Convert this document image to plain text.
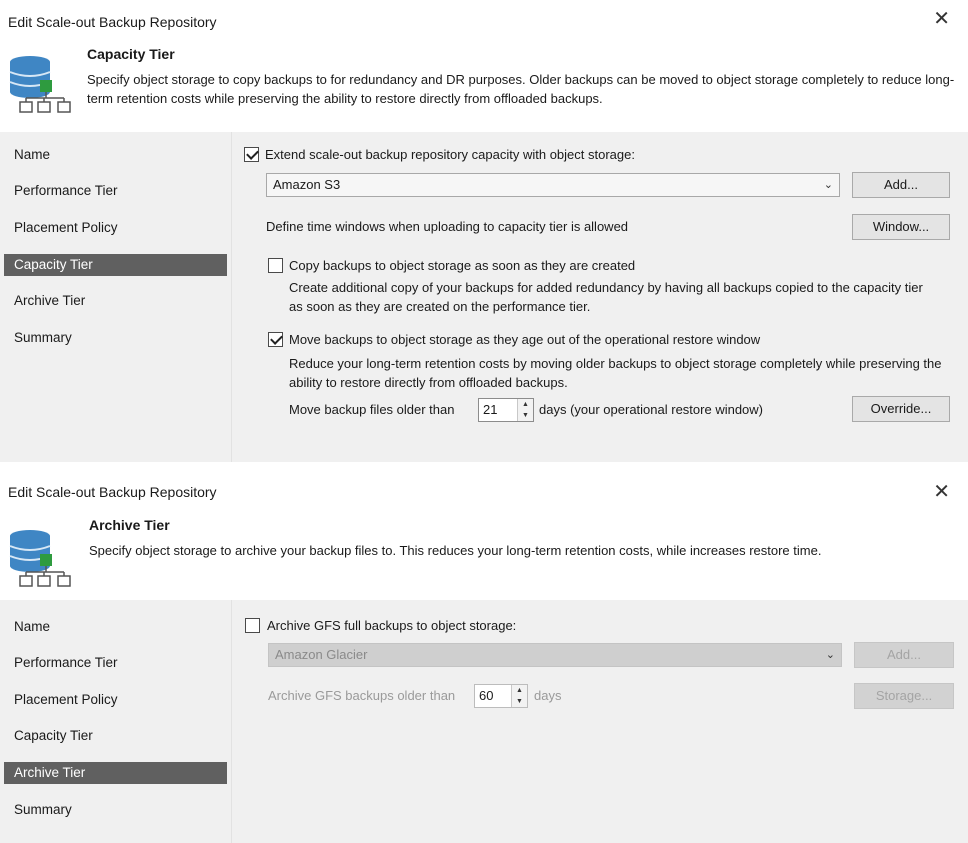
Edit Scale-out Backup Repository	✕
Capacity Tier
Specify object storage to copy backups to for redundancy and DR purposes. Older backups can be moved to object storage completely to reduce long-term retention costs while preserving the ability to restore directly from offloaded backups.
Name
Performance Tier
Placement Policy
Capacity Tier
Archive Tier
Summary
Extend scale-out backup repository capacity with object storage:
Amazon S3	⌄	Add...
Define time windows when uploading to capacity tier is allowed	Window...
Copy backups to object storage as soon as they are created
Create additional copy of your backups for added redundancy by having all backups copied to the capacity tier as soon as they are created on the performance tier.
Move backups to object storage as they age out of the operational restore window
Reduce your long-term retention costs by moving older backups to object storage completely while preserving the ability to restore directly from offloaded backups.
Move backup files older than 21	▲
▼ days (your operational restore window)	Override...
Edit Scale-out Backup Repository	✕
Archive Tier
Specify object storage to archive your backup files to. This reduces your long-term retention costs, while increases restore time.
Name
Performance Tier
Placement Policy
Capacity Tier
Archive Tier
Summary
Archive GFS full backups to object storage:
Amazon Glacier	⌄	Add...
Archive GFS backups older than 60	▲
▼ days	Storage...
